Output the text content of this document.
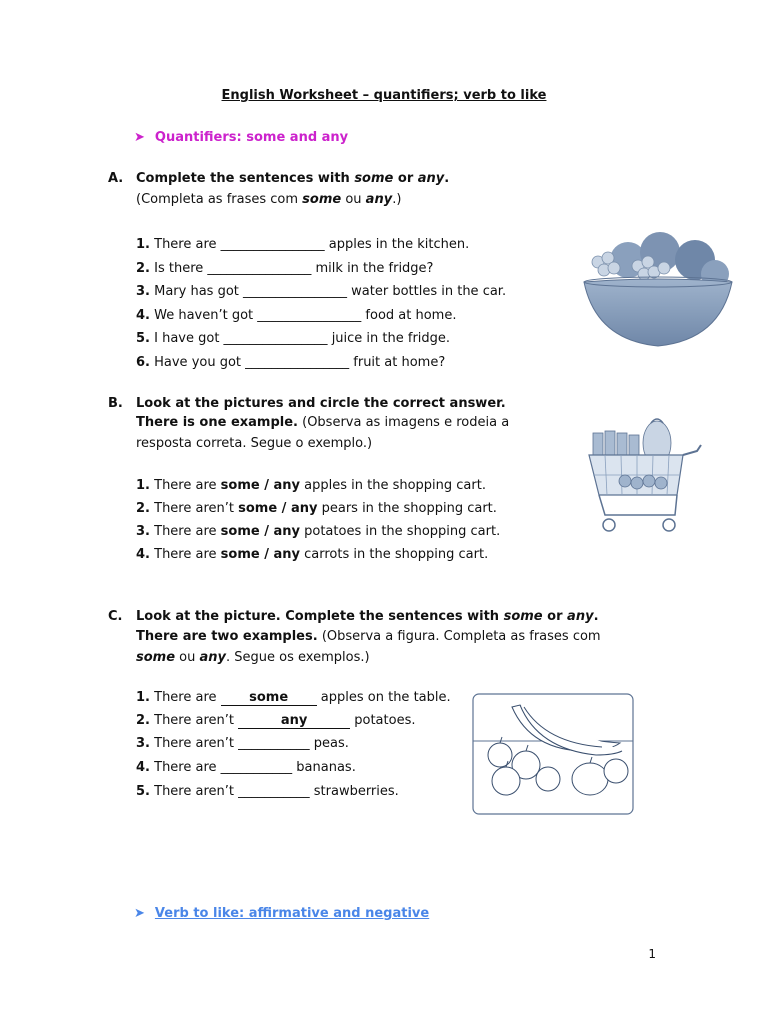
English Worksheet – quantifiers; verb to like
➤ Quantifiers: some and any
A. Complete the sentences with some or any.
(Completa as frases com some ou any.)
1. There are ________________ apples in the kitchen.
2. Is there ________________ milk in the fridge?
3. Mary has got ________________ water bottles in the car.
4. We haven’t got ________________ food at home.
5. I have got ________________ juice in the fridge.
6. Have you got ________________ fruit at home?
B. Look at the pictures and circle the correct answer.
There is one example. (Observa as imagens e rodeia a
resposta correta. Segue o exemplo.)
1. There are some / any apples in the shopping cart.
2. There aren’t some / any pears in the shopping cart.
3. There are some / any potatoes in the shopping cart.
4. There are some / any carrots in the shopping cart.
C. Look at the picture. Complete the sentences with some or any.
There are two examples. (Observa a figura. Completa as frases com
some ou any. Segue os exemplos.)
1. There are some apples on the table.
2. There aren’t	any	potatoes.
3. There aren’t ___________ peas.
4. There are ___________ bananas.
5. There aren’t ___________ strawberries.
➤ Verb to like: affirmative and negative
1
